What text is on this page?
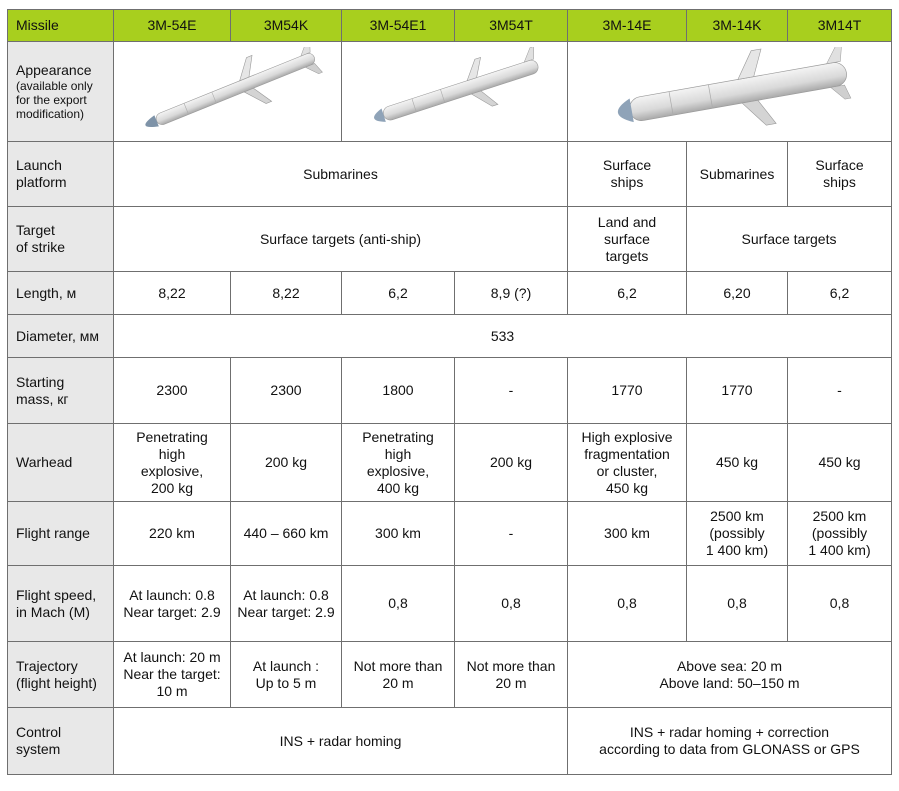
Missile	3M-54E	3M54K	3M-54E1	3M54T	3M-14E	3M-14K	3M14T
Appearance
(available only
for the export
modification)

Launch
platform	Submarines				Surface
ships	Submarines	Surface
ships

Target
of strike	Surface targets (anti-ship)				Land and
surface
targets	Surface targets	
Length, м	8,22	8,22	6,2	8,9 (?)	6,2	6,20	6,2
Diameter, мм	533						

Starting
mass, кг	2300	2300	1800	-	1770	1770	-
Warhead	Penetrating
high
explosive,
200 kg	200 kg	Penetrating
high
explosive,
400 kg	200 kg	High explosive
fragmentation
or cluster,
450 kg	450 kg	450 kg
Flight range	220 km	440 – 660 km	300 km	-	300 km	2500 km
(possibly
1 400 km)	2500 km
(possibly
1 400 km)

Flight speed,
in Mach (M)	At launch: 0.8
Near target: 2.9	At launch: 0.8
Near target: 2.9	0,8	0,8	0,8	0,8	0,8

Trajectory
(flight height)	At launch: 20 m
Near the target:
10 m	At launch :
Up to 5 m	Not more than
20 m	Not more than
20 m	Above sea: 20 m
Above land: 50–150 m		

Control
system	INS + radar homing				INS + radar homing + correction
according to data from GLONASS or GPS		
